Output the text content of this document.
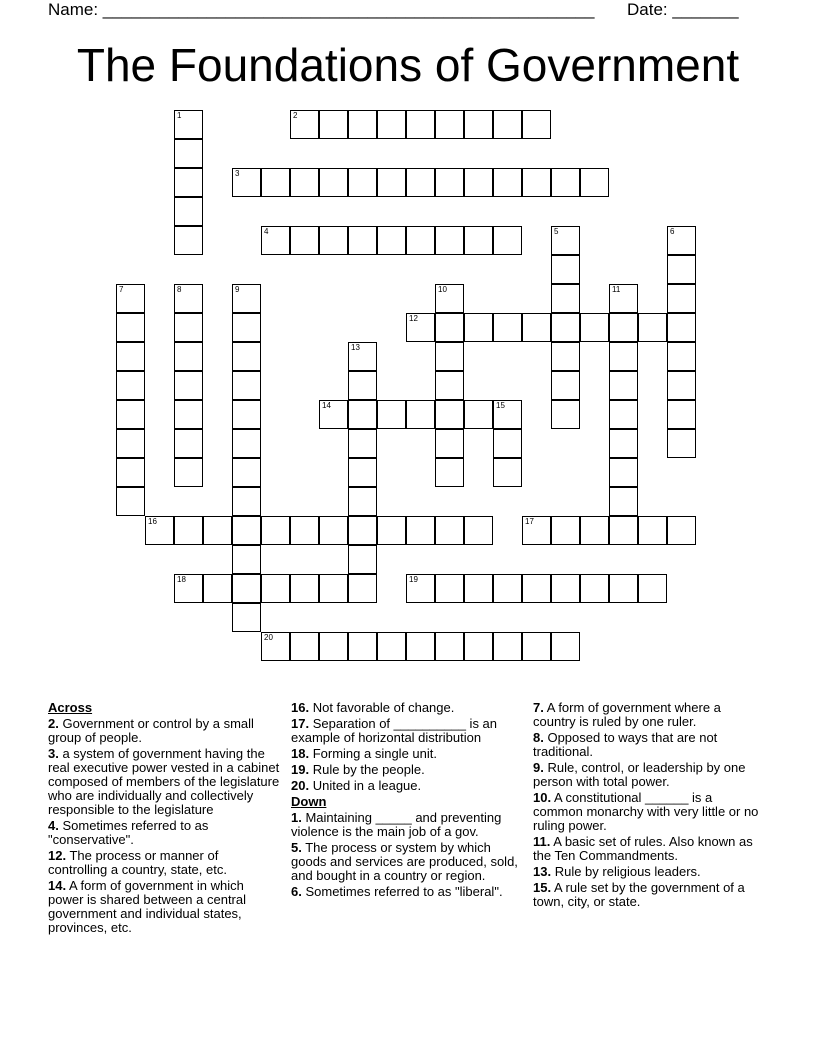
Name: ____________________________________________________ Date: _______
The Foundations of Government
1	2
3
4	5	6
7	8	9	10	11
12
13
14	15
16	17
18	19
20
Across
2. Government or control by a small group of people.
3. a system of government having the real executive power vested in a cabinet composed of members of the legislature who are individually and collectively responsible to the legislature
4. Sometimes referred to as "conservative".
12. The process or manner of controlling a country, state, etc.
14. A form of government in which power is shared between a central government and individual states, provinces, etc.
16. Not favorable of change.
17. Separation of __________ is an example of horizontal distribution
18. Forming a single unit.
19. Rule by the people.
20. United in a league.
Down
1. Maintaining _____ and preventing violence is the main job of a gov.
5. The process or system by which goods and services are produced, sold, and bought in a country or region.
6. Sometimes referred to as "liberal".
7. A form of government where a country is ruled by one ruler.
8. Opposed to ways that are not traditional.
9. Rule, control, or leadership by one person with total power.
10. A constitutional ______ is a common monarchy with very little or no ruling power.
11. A basic set of rules. Also known as the Ten Commandments.
13. Rule by religious leaders.
15. A rule set by the government of a town, city, or state.
